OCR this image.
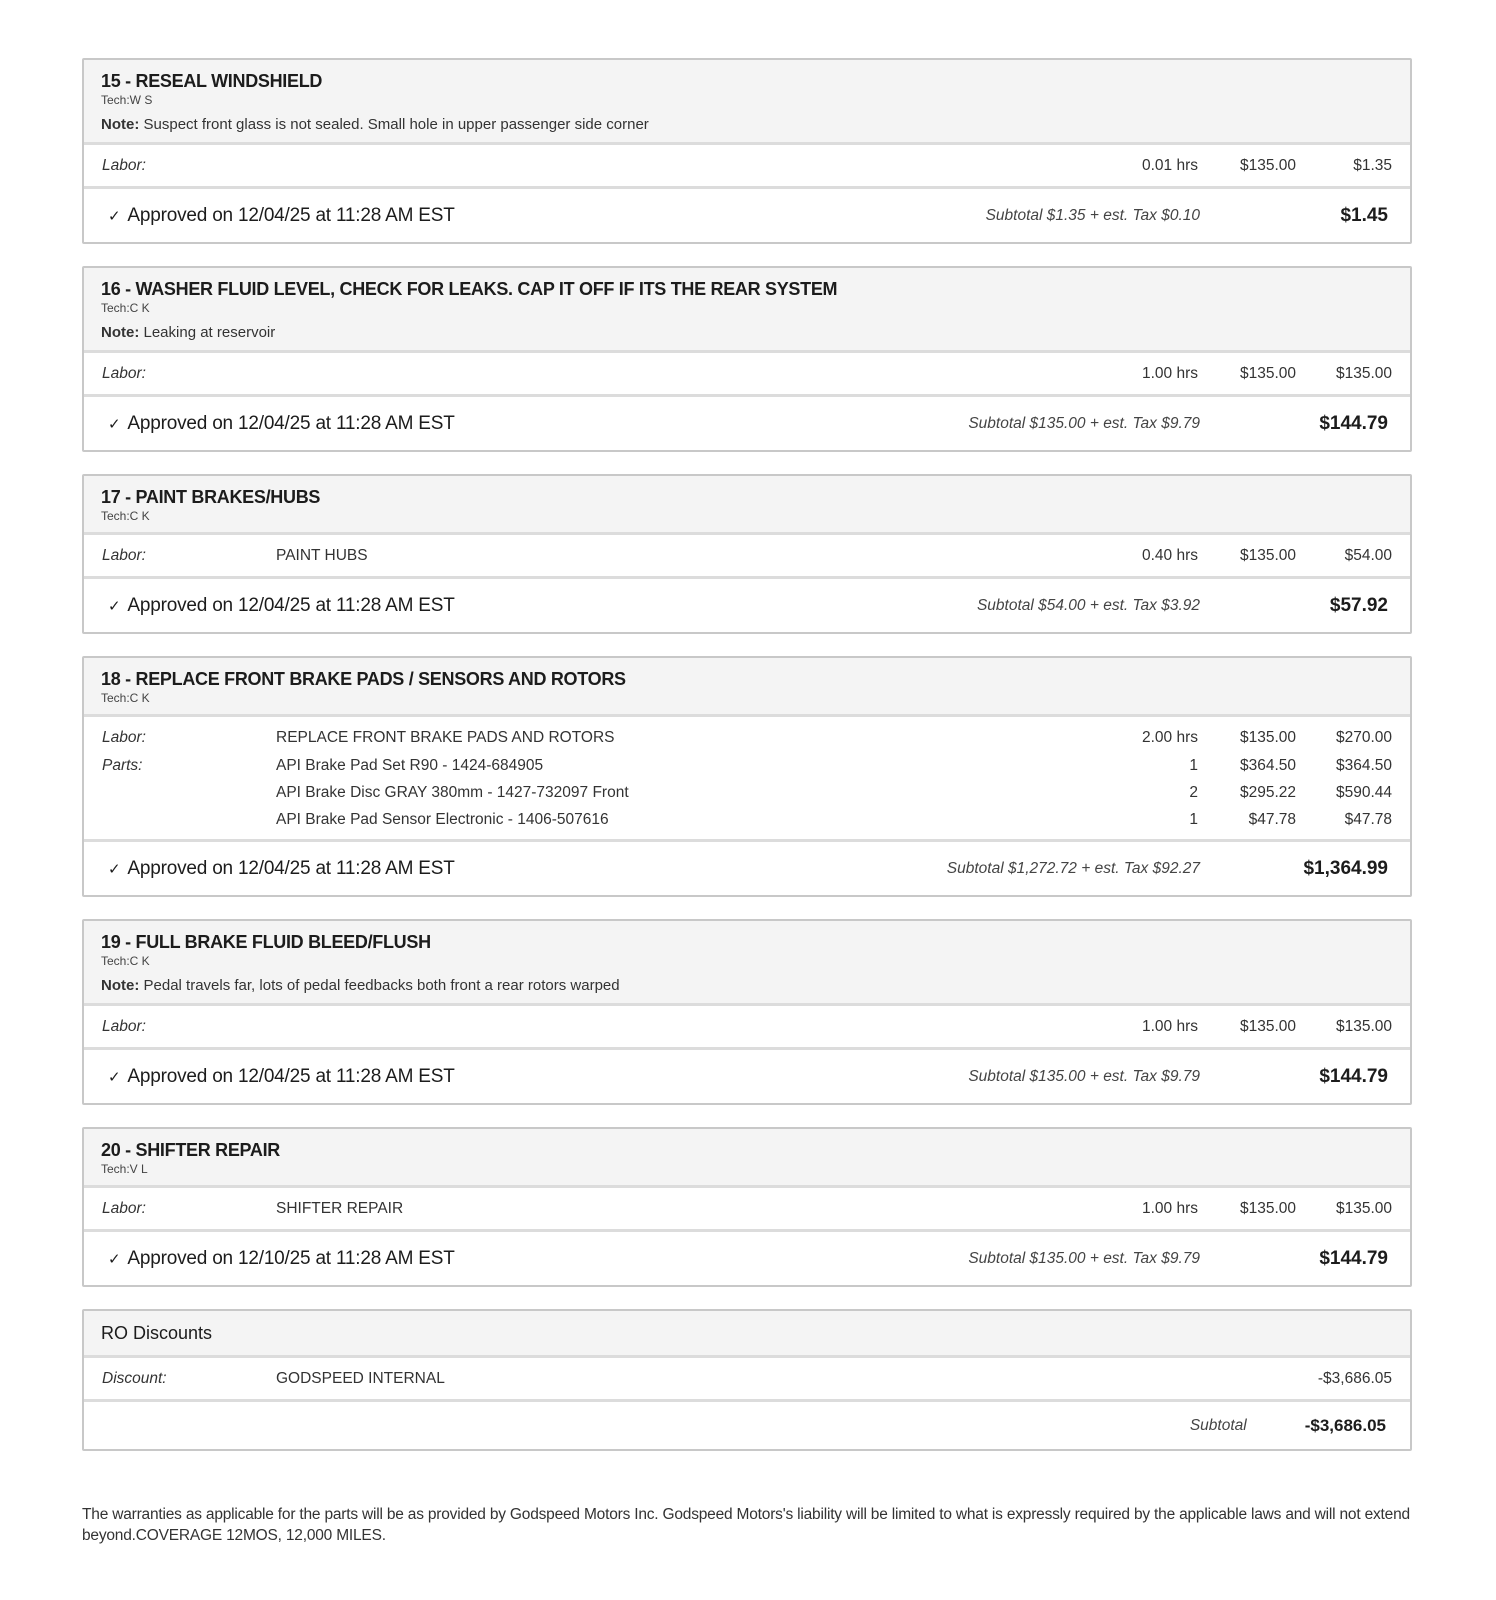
15 - RESEAL WINDSHIELD
Tech:W S
Note: Suspect front glass is not sealed. Small hole in upper passenger side corner
Labor:	0.01 hrs	$135.00	$1.35
✓ Approved on 12/04/25 at 11:28 AM EST	Subtotal $1.35 + est. Tax $0.10	$1.45
16 - WASHER FLUID LEVEL, CHECK FOR LEAKS. CAP IT OFF IF ITS THE REAR SYSTEM
Tech:C K
Note: Leaking at reservoir
Labor:	1.00 hrs	$135.00	$135.00
✓ Approved on 12/04/25 at 11:28 AM EST	Subtotal $135.00 + est. Tax $9.79	$144.79
17 - PAINT BRAKES/HUBS
Tech:C K
Labor:	PAINT HUBS	0.40 hrs	$135.00	$54.00
✓ Approved on 12/04/25 at 11:28 AM EST	Subtotal $54.00 + est. Tax $3.92	$57.92
18 - REPLACE FRONT BRAKE PADS / SENSORS AND ROTORS
Tech:C K
Labor:	REPLACE FRONT BRAKE PADS AND ROTORS	2.00 hrs	$135.00	$270.00
Parts:	API Brake Pad Set R90 - 1424-684905	1	$364.50	$364.50
API Brake Disc GRAY 380mm - 1427-732097 Front	2	$295.22	$590.44
API Brake Pad Sensor Electronic - 1406-507616	1	$47.78	$47.78
✓ Approved on 12/04/25 at 11:28 AM EST	Subtotal $1,272.72 + est. Tax $92.27	$1,364.99
19 - FULL BRAKE FLUID BLEED/FLUSH
Tech:C K
Note: Pedal travels far, lots of pedal feedbacks both front a rear rotors warped
Labor:	1.00 hrs	$135.00	$135.00
✓ Approved on 12/04/25 at 11:28 AM EST	Subtotal $135.00 + est. Tax $9.79	$144.79
20 - SHIFTER REPAIR
Tech:V L
Labor:	SHIFTER REPAIR	1.00 hrs	$135.00	$135.00
✓ Approved on 12/10/25 at 11:28 AM EST	Subtotal $135.00 + est. Tax $9.79	$144.79
RO Discounts
Discount:	GODSPEED INTERNAL	-$3,686.05
Subtotal	-$3,686.05
The warranties as applicable for the parts will be as provided by Godspeed Motors Inc. Godspeed Motors's liability will be limited to what is expressly required by the applicable laws and will not extend beyond.COVERAGE 12MOS, 12,000 MILES.
